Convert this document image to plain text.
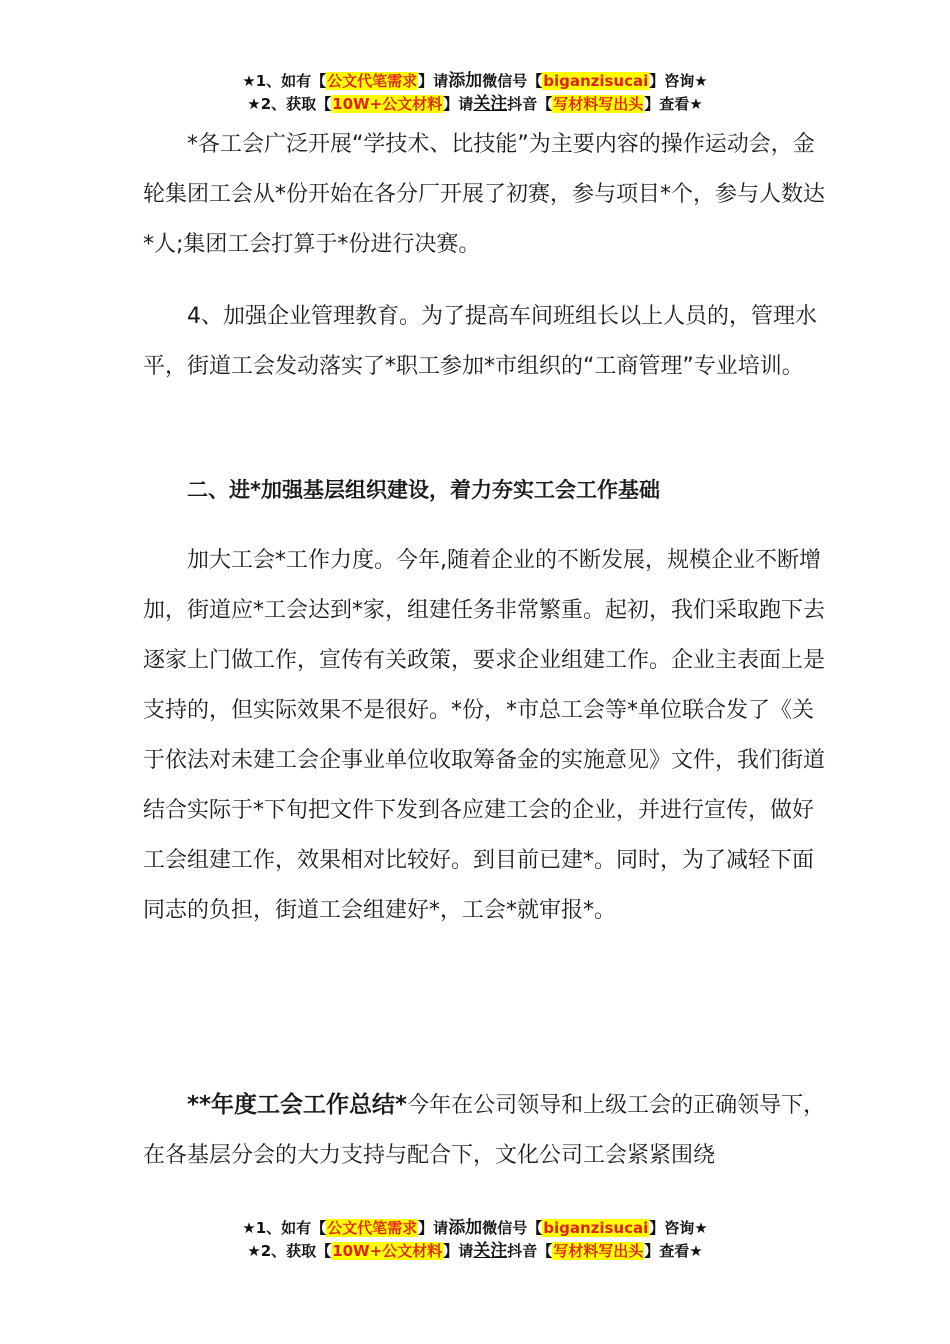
★1、如有【公文代笔需求】请添加微信号【biganzisucai】咨询★
★2、获取【10W+公文材料】请关注抖音【写材料写出头】查看★

*各工会广泛开展“学技术、比技能”为主要内容的操作运动会，金轮集团工会从*份开始在各分厂开展了初赛，参与项目*个，参与人数达*人;集团工会打算于*份进行决赛。

4、加强企业管理教育。为了提高车间班组长以上人员的，管理水平，街道工会发动落实了*职工参加*市组织的“工商管理”专业培训。

二、进*加强基层组织建设，着力夯实工会工作基础

加大工会*工作力度。今年,随着企业的不断发展，规模企业不断增加，街道应*工会达到*家，组建任务非常繁重。起初，我们采取跑下去逐家上门做工作，宣传有关政策，要求企业组建工作。企业主表面上是支持的，但实际效果不是很好。*份，*市总工会等*单位联合发了《关于依法对未建工会企事业单位收取筹备金的实施意见》文件，我们街道结合实际于*下旬把文件下发到各应建工会的企业，并进行宣传，做好工会组建工作，效果相对比较好。到目前已建*。同时，为了减轻下面同志的负担，街道工会组建好*，工会*就审报*。

**年度工会工作总结*今年在公司领导和上级工会的正确领导下，在各基层分会的大力支持与配合下，文化公司工会紧紧围绕

★1、如有【公文代笔需求】请添加微信号【biganzisucai】咨询★
★2、获取【10W+公文材料】请关注抖音【写材料写出头】查看★
